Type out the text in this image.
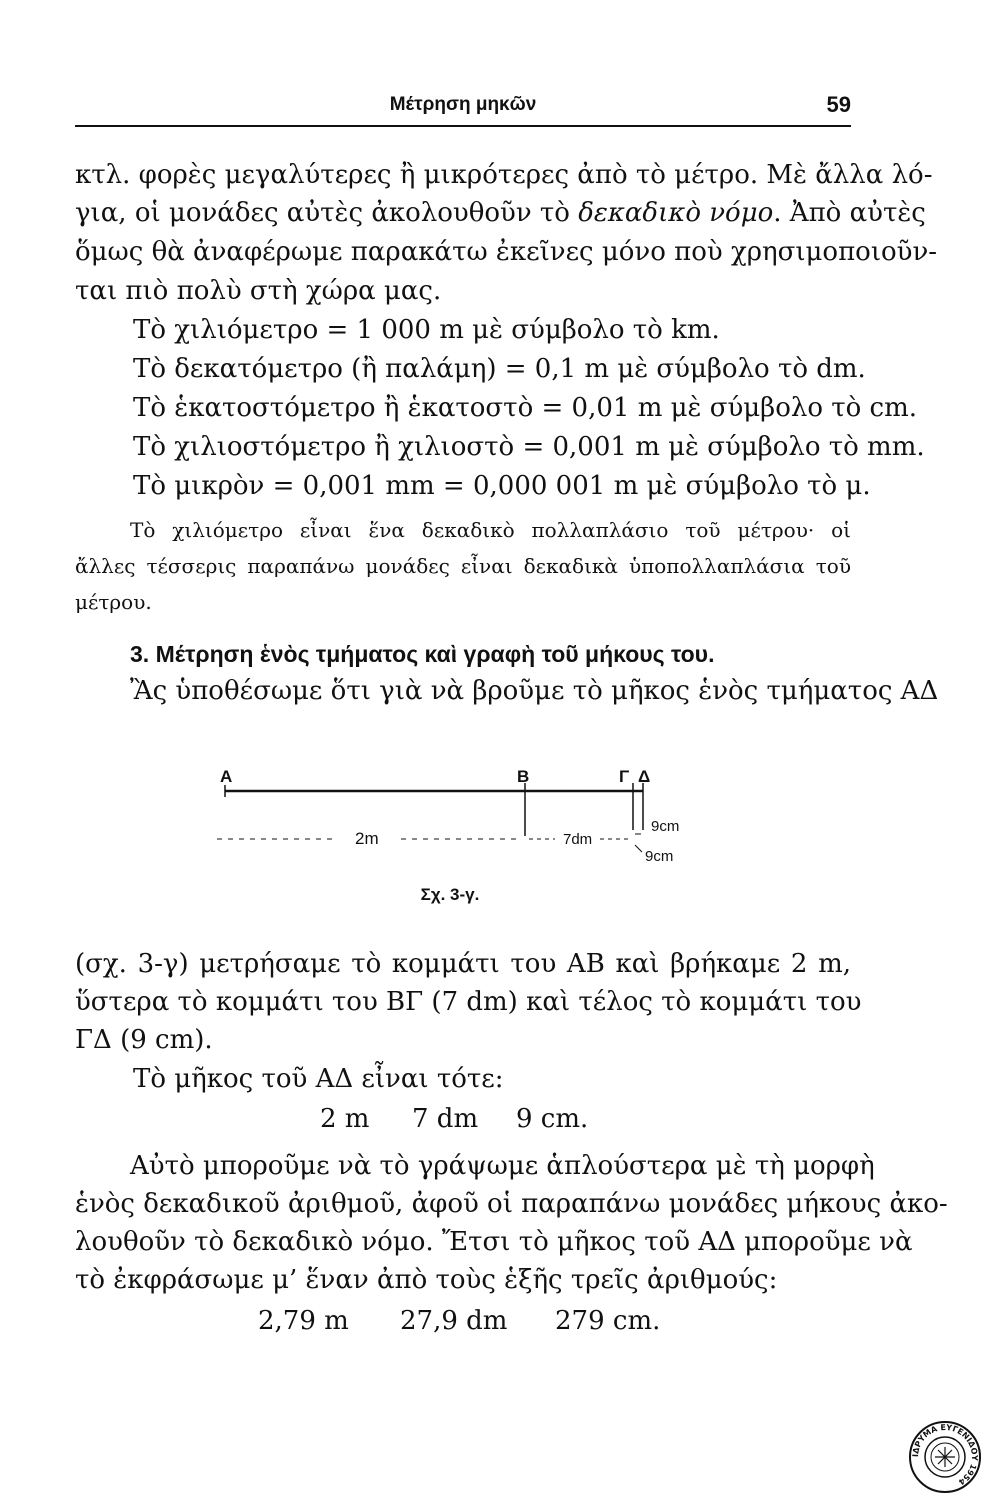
Μέτρηση μηκῶν	59
κτλ. φορὲς μεγαλύτερες ἢ μικρότερες ἀπὸ τὸ μέτρο. Μὲ ἄλλα λό-
για, οἱ μονάδες αὐτὲς ἀκολουθοῦν τὸ δεκαδικὸ νόμο. Ἀπὸ αὐτὲς
ὅμως θὰ ἀναφέρωμε παρακάτω ἐκεῖνες μόνο ποὺ χρησιμοποιοῦν-
ται πιὸ πολὺ στὴ χώρα μας.
Τὸ χιλιόμετρο = 1 000 m μὲ σύμβολο τὸ km.
Τὸ δεκατόμετρο (ἢ παλάμη) = 0,1 m μὲ σύμβολο τὸ dm.
Τὸ ἑκατοστόμετρο ἢ ἑκατοστὸ = 0,01 m μὲ σύμβολο τὸ cm.
Τὸ χιλιοστόμετρο ἢ χιλιοστὸ = 0,001 m μὲ σύμβολο τὸ mm.
Τὸ μικρὸν = 0,001 mm = 0,000 001 m μὲ σύμβολο τὸ μ.
Τὸ χιλιόμετρο εἶναι ἕνα δεκαδικὸ πολλαπλάσιο τοῦ μέτρου· οἱ
ἄλλες τέσσερις παραπάνω μονάδες εἶναι δεκαδικὰ ὑποπολλαπλάσια τοῦ
μέτρου.
3. Μέτρηση ἑνὸς τμήματος καὶ γραφὴ τοῦ μήκους του.
Ἂς ὑποθέσωμε ὅτι γιὰ νὰ βροῦμε τὸ μῆκος ἑνὸς τμήματος ΑΔ
A	B	Γ Δ
2m	7dm
9cm
9cm
Σχ. 3-γ.
(σχ. 3-γ) μετρήσαμε τὸ κομμάτι του ΑΒ καὶ βρήκαμε 2 m,
ὕστερα τὸ κομμάτι του ΒΓ (7 dm) καὶ τέλος τὸ κομμάτι του
ΓΔ (9 cm).
Τὸ μῆκος τοῦ ΑΔ εἶναι τότε:
2 m 7 dm 9 cm.
Αὐτὸ μποροῦμε νὰ τὸ γράψωμε ἁπλούστερα μὲ τὴ μορφὴ
ἑνὸς δεκαδικοῦ ἀριθμοῦ, ἀφοῦ οἱ παραπάνω μονάδες μήκους ἀκο-
λουθοῦν τὸ δεκαδικὸ νόμο. Ἔτσι τὸ μῆκος τοῦ ΑΔ μποροῦμε νὰ
τὸ ἐκφράσωμε μ’ ἕναν ἀπὸ τοὺς ἑξῆς τρεῖς ἀριθμούς:
2,79 m 27,9 dm 279 cm.
ΙΔΡΥΜΑ ΕΥΓΕΝΙΔΟΥ 1954
